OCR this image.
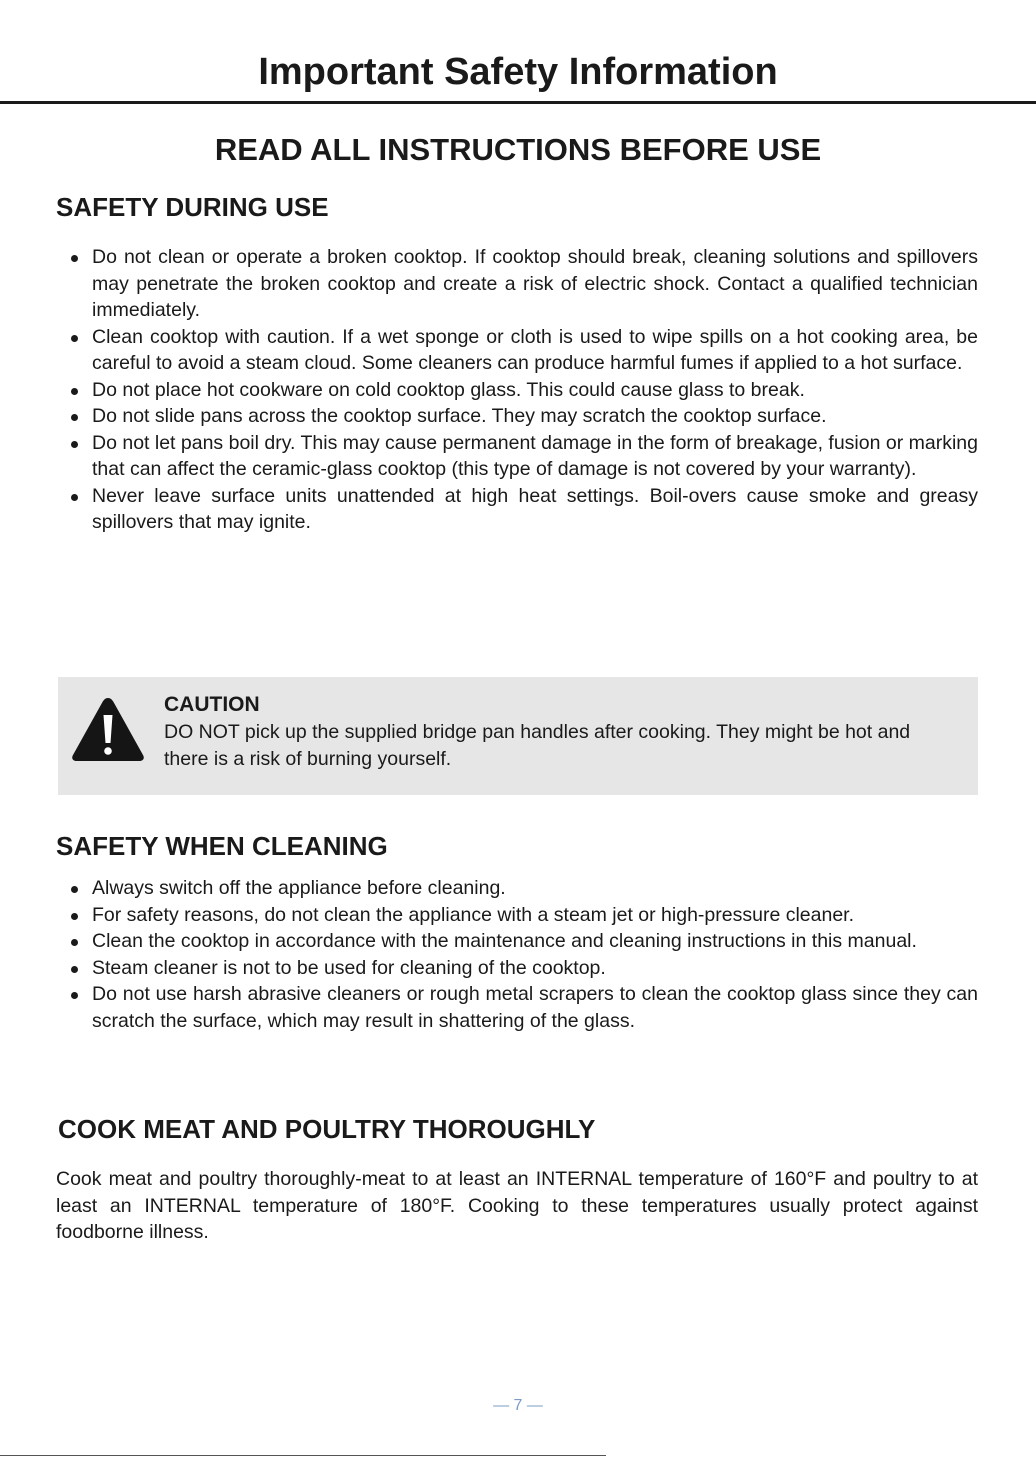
Important Safety Information
READ ALL INSTRUCTIONS BEFORE USE
SAFETY DURING USE
Do not clean or operate a broken cooktop. If cooktop should break, cleaning solutions and spillovers may penetrate the broken cooktop and create a risk of electric shock. Contact a qualified technician immediately.
Clean cooktop with caution. If a wet sponge or cloth is used to wipe spills on a hot cooking area, be careful to avoid a steam cloud. Some cleaners can produce harmful fumes if applied to a hot surface.
Do not place hot cookware on cold cooktop glass. This could cause glass to break.
Do not slide pans across the cooktop surface. They may scratch the cooktop surface.
Do not let pans boil dry. This may cause permanent damage in the form of breakage, fusion or marking that can affect the ceramic-glass cooktop (this type of damage is not covered by your warranty).
Never leave surface units unattended at high heat settings. Boil-overs cause smoke and greasy spillovers that may ignite.
CAUTION
DO NOT pick up the supplied bridge pan handles after cooking. They might be hot and there is a risk of burning yourself.
SAFETY WHEN CLEANING
Always switch off the appliance before cleaning.
For safety reasons, do not clean the appliance with a steam jet or high-pressure cleaner.
Clean the cooktop in accordance with the maintenance and cleaning instructions in this manual.
Steam cleaner is not to be used for cleaning of the cooktop.
Do not use harsh abrasive cleaners or rough metal scrapers to clean the cooktop glass since they can scratch the surface, which may result in shattering of the glass.
COOK MEAT AND POULTRY THOROUGHLY

Cook meat and poultry thoroughly-meat to at least an INTERNAL temperature of 160°F and poultry to at least an INTERNAL temperature of 180°F. Cooking to these temperatures usually protect against foodborne illness.

— 7 —
